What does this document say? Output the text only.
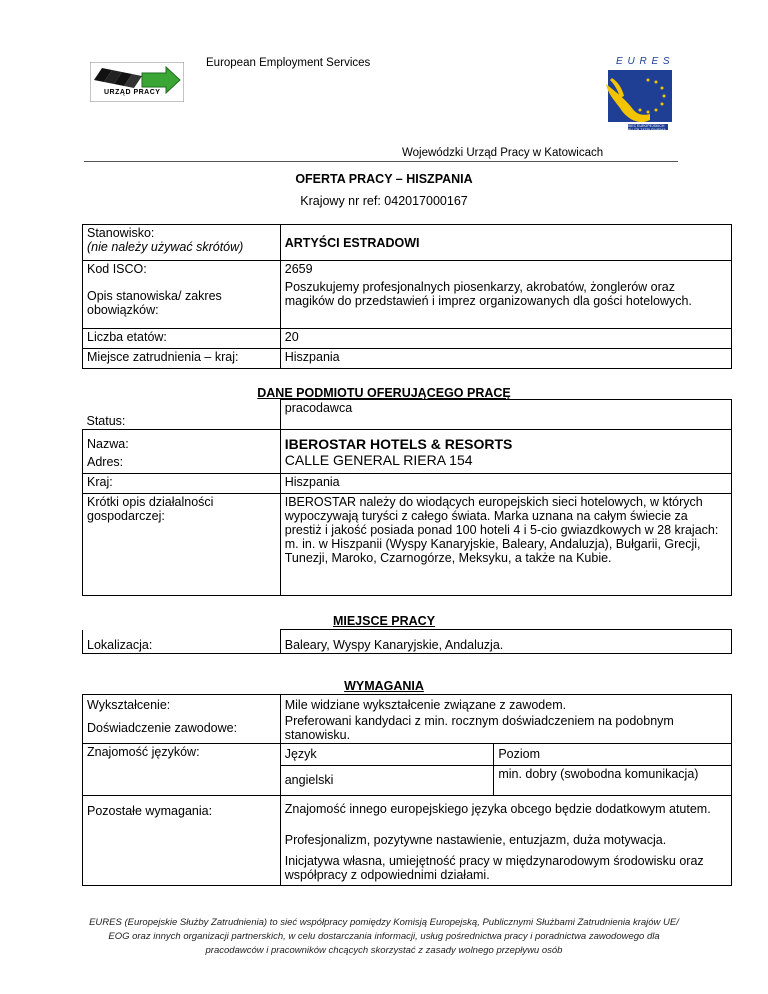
European Employment Services
URZĄD PRACY
E U R E S
SIEĆ EUROPEJSKICH SŁUŻB ZATRUDNIENIA
Wojewódzki Urząd Pracy w Katowicach
OFERTA PRACY – HISZPANIA
Krajowy nr ref: 042017000167
Stanowisko:
(nie należy używać skrótów)	ARTYŚCI ESTRADOWI
Kod ISCO:	2659
Opis stanowiska/ zakres obowiązków:	Poszukujemy profesjonalnych piosenkarzy, akrobatów, żonglerów oraz magików do przedstawień i imprez organizowanych dla gości hotelowych.
Liczba etatów:	20
Miejsce zatrudnienia – kraj:	Hiszpania
DANE PODMIOTU OFERUJĄCEGO PRACĘ
Status:	pracodawca
Nazwa:	IBEROSTAR HOTELS & RESORTS
Adres:	CALLE GENERAL RIERA 154
Kraj:	Hiszpania
Krótki opis działalności gospodarczej:	IBEROSTAR należy do wiodących europejskich sieci hotelowych, w których wypoczywają turyści z całego świata. Marka uznana na całym świecie za prestiż i jakość posiada ponad 100 hoteli 4 i 5-cio gwiazdkowych w 28 krajach: m. in. w Hiszpanii (Wyspy Kanaryjskie, Baleary, Andaluzja), Bułgarii, Grecji, Tunezji, Maroko, Czarnogórze, Meksyku, a także na Kubie.
MIEJSCE PRACY
Lokalizacja:	Baleary, Wyspy Kanaryjskie, Andaluzja.
WYMAGANIA
Wykształcenie:	Mile widziane wykształcenie związane z zawodem.	
Doświadczenie zawodowe:	Preferowani kandydaci z min. rocznym doświadczeniem na podobnym stanowisku.	
Znajomość języków:	Język	Poziom
	angielski	min. dobry (swobodna komunikacja)
Pozostałe wymagania:	Znajomość innego europejskiego języka obcego będzie dodatkowym atutem.	
	Profesjonalizm, pozytywne nastawienie, entuzjazm, duża motywacja.	
	Inicjatywa własna, umiejętność pracy w międzynarodowym środowisku oraz współpracy z odpowiednimi działami.	
EURES (Europejskie Służby Zatrudnienia) to sieć współpracy pomiędzy Komisją Europejską, Publicznymi Służbami Zatrudnienia krajów UE/ EOG oraz innych organizacji partnerskich, w celu dostarczania informacji, usług pośrednictwa pracy i poradnictwa zawodowego dla pracodawców i pracowników chcących skorzystać z zasady wolnego przepływu osób
